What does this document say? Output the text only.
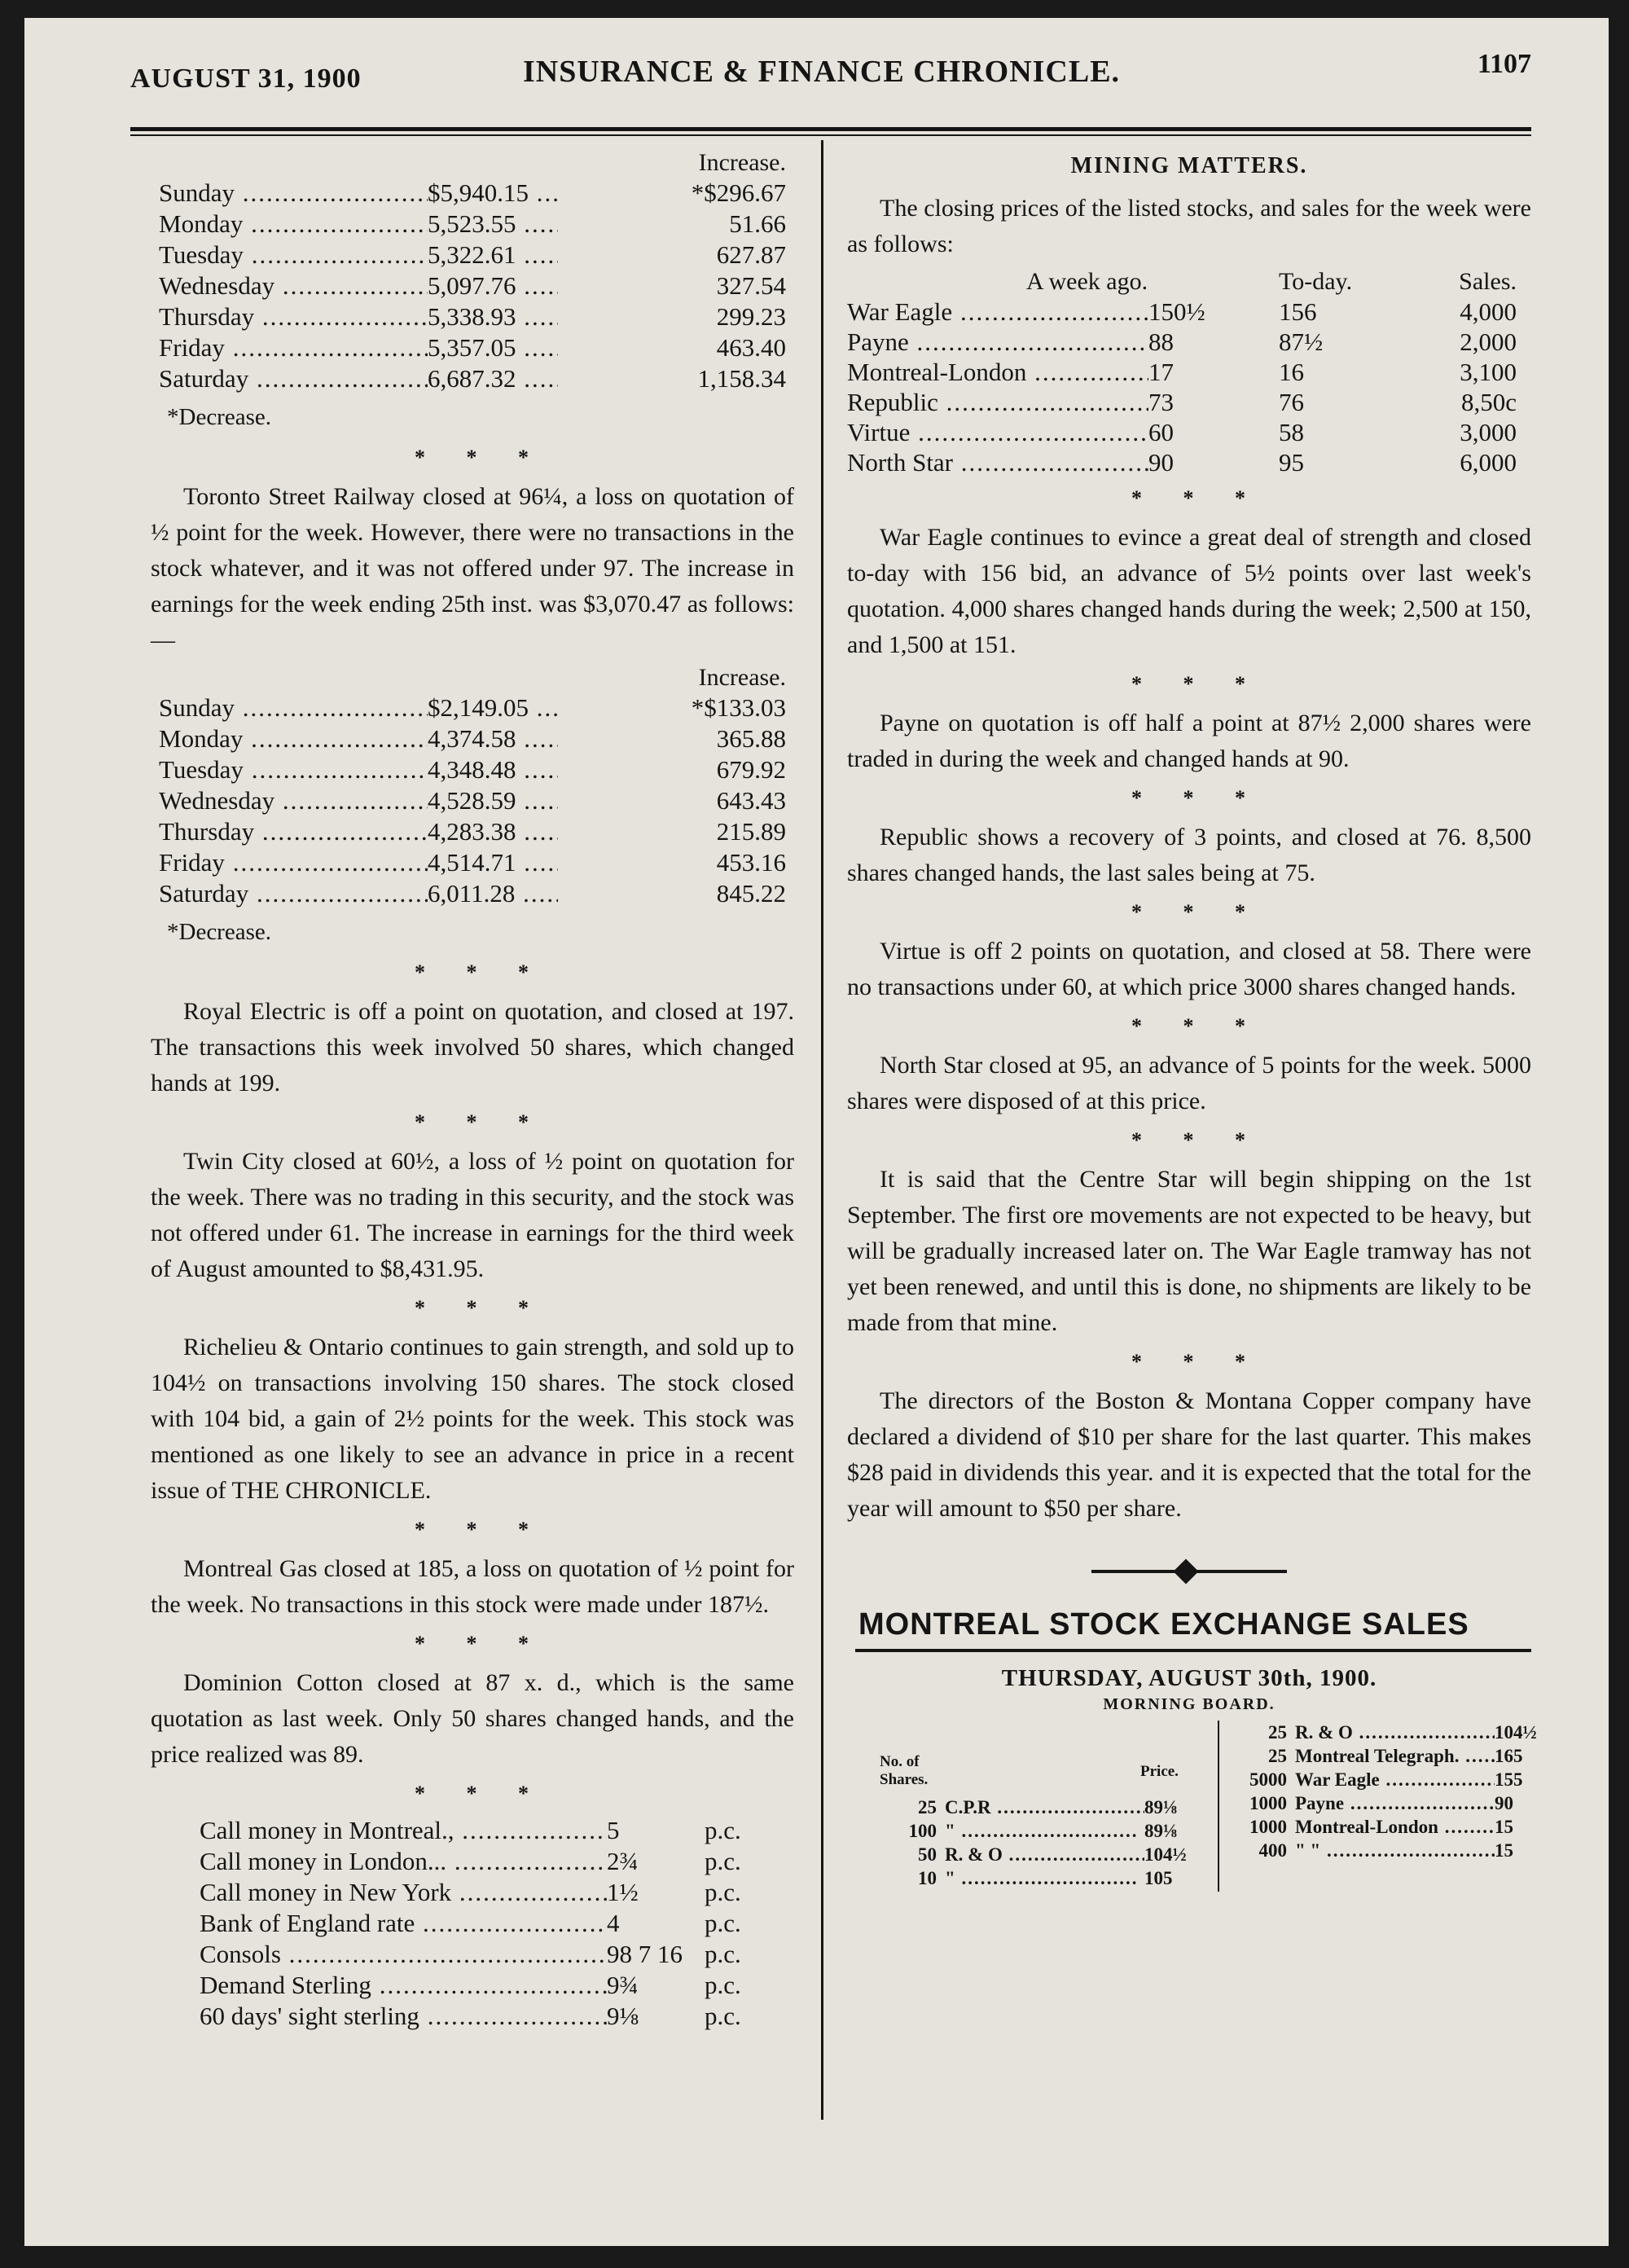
AUGUST 31, 1900	INSURANCE & FINANCE CHRONICLE.	1107
Increase.
Sunday .....	$5,940.15 .....	*$296.67
Monday .....	5,523.55 .....	51.66
Tuesday .....	5,322.61 .....	627.87
Wednesday .....	5,097.76 .....	327.54
Thursday .....	5,338.93 .....	299.23
Friday .....	5,357.05 .....	463.40
Saturday .....	6,687.32 .....	1,158.34
*Decrease.
* * *

Toronto Street Railway closed at 96¼, a loss on quotation of ½ point for the week. However, there were no transactions in the stock whatever, and it was not offered under 97. The increase in earnings for the week ending 25th inst. was $3,070.47 as follows:—

Increase.
Sunday .....	$2,149.05 .....	*$133.03
Monday .....	4,374.58 .....	365.88
Tuesday .....	4,348.48 .....	679.92
Wednesday .....	4,528.59 .....	643.43
Thursday .....	4,283.38 .....	215.89
Friday .....	4,514.71 .....	453.16
Saturday .....	6,011.28 .....	845.22
*Decrease.
* * *

Royal Electric is off a point on quotation, and closed at 197. The transactions this week involved 50 shares, which changed hands at 199.

* * *

Twin City closed at 60½, a loss of ½ point on quotation for the week. There was no trading in this security, and the stock was not offered under 61. The increase in earnings for the third week of August amounted to $8,431.95.

* * *

Richelieu & Ontario continues to gain strength, and sold up to 104½ on transactions involving 150 shares. The stock closed with 104 bid, a gain of 2½ points for the week. This stock was mentioned as one likely to see an advance in price in a recent issue of THE CHRONICLE.

* * *

Montreal Gas closed at 185, a loss on quotation of ½ point for the week. No transactions in this stock were made under 187½.

* * *

Dominion Cotton closed at 87 x. d., which is the same quotation as last week. Only 50 shares changed hands, and the price realized was 89.

* * *
Call money in Montreal., .....	5	p.c.
Call money in London... .....	2¾	p.c.
Call money in New York .....	1½	p.c.
Bank of England rate .....	4	p.c.
Consols .....	98 7 16 p.c.
Demand Sterling .....	9¾	p.c.
60 days' sight sterling .....	9⅛	p.c.
MINING MATTERS.

The closing prices of the listed stocks, and sales for the week were as follows:

A week ago.	To-day.	Sales.
War Eagle .....	150½	156	4,000
Payne .....	88	87½	2,000
Montreal-London .....	17	16	3,100
Republic .....	73	76	8,50c
Virtue .....	60	58	3,000
North Star .....	90	95	6,000
* * *

War Eagle continues to evince a great deal of strength and closed to-day with 156 bid, an advance of 5½ points over last week's quotation. 4,000 shares changed hands during the week; 2,500 at 150, and 1,500 at 151.

* * *

Payne on quotation is off half a point at 87½ 2,000 shares were traded in during the week and changed hands at 90.

* * *

Republic shows a recovery of 3 points, and closed at 76. 8,500 shares changed hands, the last sales being at 75.

* * *

Virtue is off 2 points on quotation, and closed at 58. There were no transactions under 60, at which price 3000 shares changed hands.

* * *

North Star closed at 95, an advance of 5 points for the week. 5000 shares were disposed of at this price.

* * *

It is said that the Centre Star will begin shipping on the 1st September. The first ore movements are not expected to be heavy, but will be gradually increased later on. The War Eagle tramway has not yet been renewed, and until this is done, no shipments are likely to be made from that mine.

* * *

The directors of the Boston & Montana Copper company have declared a dividend of $10 per share for the last quarter. This makes $28 paid in dividends this year. and it is expected that the total for the year will amount to $50 per share.

MONTREAL STOCK EXCHANGE SALES
THURSDAY, AUGUST 30th, 1900.
MORNING BOARD.
No. of Shares.	Price.
25 C.P.R .....	89⅛
100 " .....	89⅛
50 R. & O .....	104½
10 " .....	105
25 R. & O .....	104½
25 Montreal Telegraph. .....	165
5000 War Eagle .....	155
1000 Payne .....	90
1000 Montreal-London .....	15
400 " " .....	15
